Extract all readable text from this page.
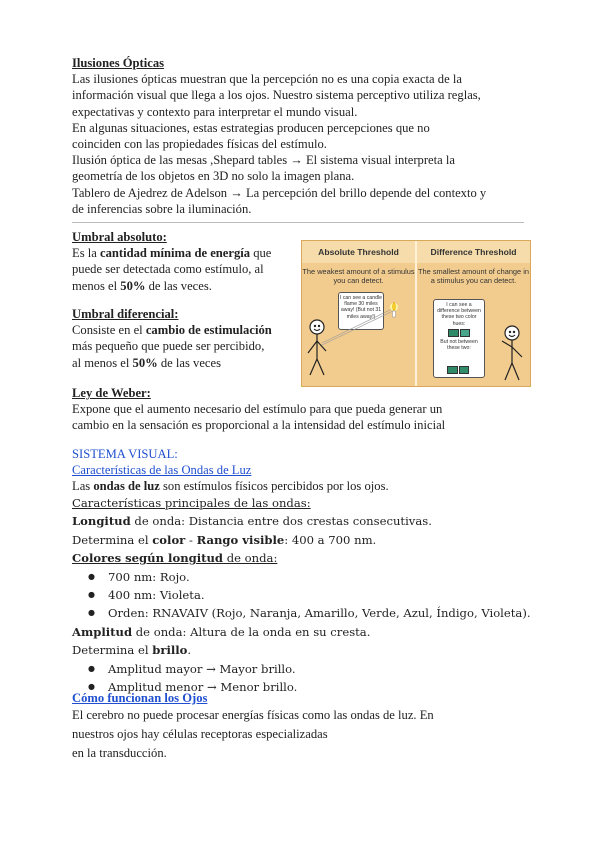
Ilusiones Ópticas
Las ilusiones ópticas muestran que la percepción no es una copia exacta de la
información visual que llega a los ojos. Nuestro sistema perceptivo utiliza reglas,
expectativas y contexto para interpretar el mundo visual.
En algunas situaciones, estas estrategias producen percepciones que no
coinciden con las propiedades físicas del estímulo.
Ilusión óptica de las mesas ,Shepard tables → El sistema visual interpreta la
geometría de los objetos en 3D no solo la imagen plana.
Tablero de Ajedrez de Adelson → La percepción del brillo depende del contexto y
de inferencias sobre la iluminación.
Umbral absoluto:
Es la cantidad mínima de energía que
puede ser detectada como estímulo, al
menos el 50% de las veces.
Umbral diferencial:
Consiste en el cambio de estimulación
más pequeño que puede ser percibido,
al menos el 50% de las veces
Absolute Threshold	Difference Threshold
The weakest amount of a stimulus you can detect.
The smallest amount of change in a stimulus you can detect.
I can see a candle flame 30 miles away! (But not 31 miles away!)
I can see a difference between these two color hues:
But not between these two:
Ley de Weber:
Expone que el aumento necesario del estímulo para que pueda generar un
cambio en la sensación es proporcional a la intensidad del estímulo inicial
SISTEMA VISUAL:
Características de las Ondas de Luz
Las ondas de luz son estímulos físicos percibidos por los ojos.
Características principales de las ondas:
Longitud de onda: Distancia entre dos crestas consecutivas.
Determina el color - Rango visible: 400 a 700 nm.
Colores según longitud de onda:
● 700 nm: Rojo.
● 400 nm: Violeta.
● Orden: RNAVAIV (Rojo, Naranja, Amarillo, Verde, Azul, Índigo, Violeta).
Amplitud de onda: Altura de la onda en su cresta.
Determina el brillo.
● Amplitud mayor → Mayor brillo.
● Amplitud menor → Menor brillo.
Cómo funcionan los Ojos
El cerebro no puede procesar energías físicas como las ondas de luz. En
nuestros ojos hay células receptoras especializadas
en la transducción.
